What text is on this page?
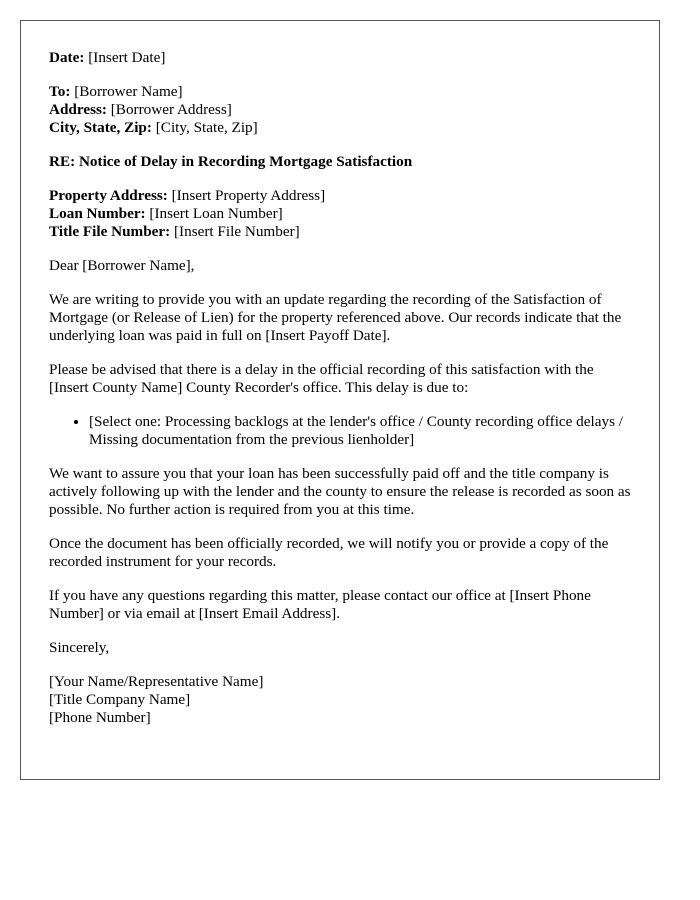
Date: [Insert Date]
To: [Borrower Name]
Address: [Borrower Address]
City, State, Zip: [City, State, Zip]
RE: Notice of Delay in Recording Mortgage Satisfaction
Property Address: [Insert Property Address]
Loan Number: [Insert Loan Number]
Title File Number: [Insert File Number]

Dear [Borrower Name],

We are writing to provide you with an update regarding the recording of the Satisfaction of Mortgage (or Release of Lien) for the property referenced above. Our records indicate that the underlying loan was paid in full on [Insert Payoff Date].

Please be advised that there is a delay in the official recording of this satisfaction with the [Insert County Name] County Recorder's office. This delay is due to:

• [Select one: Processing backlogs at the lender's office / County recording office delays / Missing documentation from the previous lienholder]

We want to assure you that your loan has been successfully paid off and the title company is actively following up with the lender and the county to ensure the release is recorded as soon as possible. No further action is required from you at this time.

Once the document has been officially recorded, we will notify you or provide a copy of the recorded instrument for your records.

If you have any questions regarding this matter, please contact our office at [Insert Phone Number] or via email at [Insert Email Address].

Sincerely,

[Your Name/Representative Name]
[Title Company Name]
[Phone Number]
